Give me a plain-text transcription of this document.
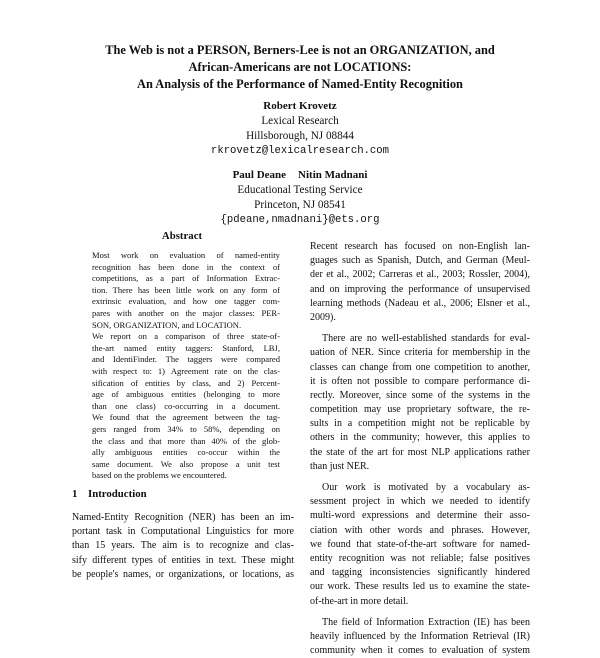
The Web is not a PERSON, Berners-Lee is not an ORGANIZATION, and
African-Americans are not LOCATIONS:
An Analysis of the Performance of Named-Entity Recognition
Robert Krovetz
Lexical Research
Hillsborough, NJ 08844
rkrovetz@lexicalresearch.com
Paul Deane Nitin Madnani
Educational Testing Service
Princeton, NJ 08541
{pdeane,nmadnani}@ets.org
Abstract
Most work on evaluation of named-entity
recognition has been done in the context of
competitions, as a part of Information Extrac-
tion. There has been little work on any form of
extrinsic evaluation, and how one tagger com-
pares with another on the major classes: PER-
SON, ORGANIZATION, and LOCATION.
We report on a comparison of three state-of-
the-art named entity taggers: Stanford, LBJ,
and IdentiFinder. The taggers were compared
with respect to: 1) Agreement rate on the clas-
sification of entities by class, and 2) Percent-
age of ambiguous entities (belonging to more
than one class) co-occurring in a document.
We found that the agreement between the tag-
gers ranged from 34% to 58%, depending on
the class and that more than 40% of the glob-
ally ambiguous entities co-occur within the
same document. We also propose a unit test
based on the problems we encountered.
1 Introduction
Named-Entity Recognition (NER) has been an im-
portant task in Computational Linguistics for more
than 15 years. The aim is to recognize and clas-
sify different types of entities in text. These might
be people's names, or organizations, or locations, as
Recent research has focused on non-English lan-
guages such as Spanish, Dutch, and German (Meul-
der et al., 2002; Carreras et al., 2003; Rossler, 2004),
and on improving the performance of unsupervised
learning methods (Nadeau et al., 2006; Elsner et al.,
2009).
There are no well-established standards for eval-
uation of NER. Since criteria for membership in the
classes can change from one competition to another,
it is often not possible to compare performance di-
rectly. Moreover, since some of the systems in the
competition may use proprietary software, the re-
sults in a competition might not be replicable by
others in the community; however, this applies to
the state of the art for most NLP applications rather
than just NER.
Our work is motivated by a vocabulary as-
sessment project in which we needed to identify
multi-word expressions and determine their asso-
ciation with other words and phrases. However,
we found that state-of-the-art software for named-
entity recognition was not reliable; false positives
and tagging inconsistencies significantly hindered
our work. These results led us to examine the state-
of-the-art in more detail.
The field of Information Extraction (IE) has been
heavily influenced by the Information Retrieval (IR)
community when it comes to evaluation of system
